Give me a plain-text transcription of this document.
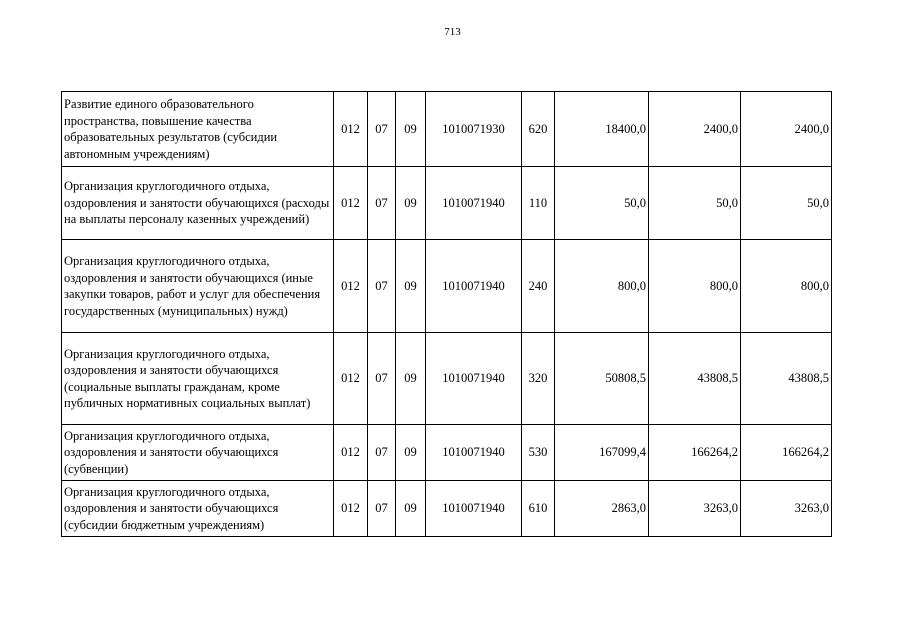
713
Развитие единого образовательного пространства, повышение качества образовательных результатов (субсидии автономным учреждениям)	012	07	09	1010071930	620	18400,0	2400,0	2400,0
Организация круглогодичного отдыха, оздоровления и занятости обучающихся (расходы на выплаты персоналу казенных учреждений)	012	07	09	1010071940	110	50,0	50,0	50,0
Организация круглогодичного отдыха, оздоровления и занятости обучающихся (иные закупки товаров, работ и услуг для обеспечения государственных (муниципальных) нужд)	012	07	09	1010071940	240	800,0	800,0	800,0
Организация круглогодичного отдыха, оздоровления и занятости обучающихся (социальные выплаты гражданам, кроме публичных нормативных социальных выплат)	012	07	09	1010071940	320	50808,5	43808,5	43808,5
Организация круглогодичного отдыха, оздоровления и занятости обучающихся (субвенции)	012	07	09	1010071940	530	167099,4	166264,2	166264,2
Организация круглогодичного отдыха, оздоровления и занятости обучающихся (субсидии бюджетным учреждениям)	012	07	09	1010071940	610	2863,0	3263,0	3263,0
